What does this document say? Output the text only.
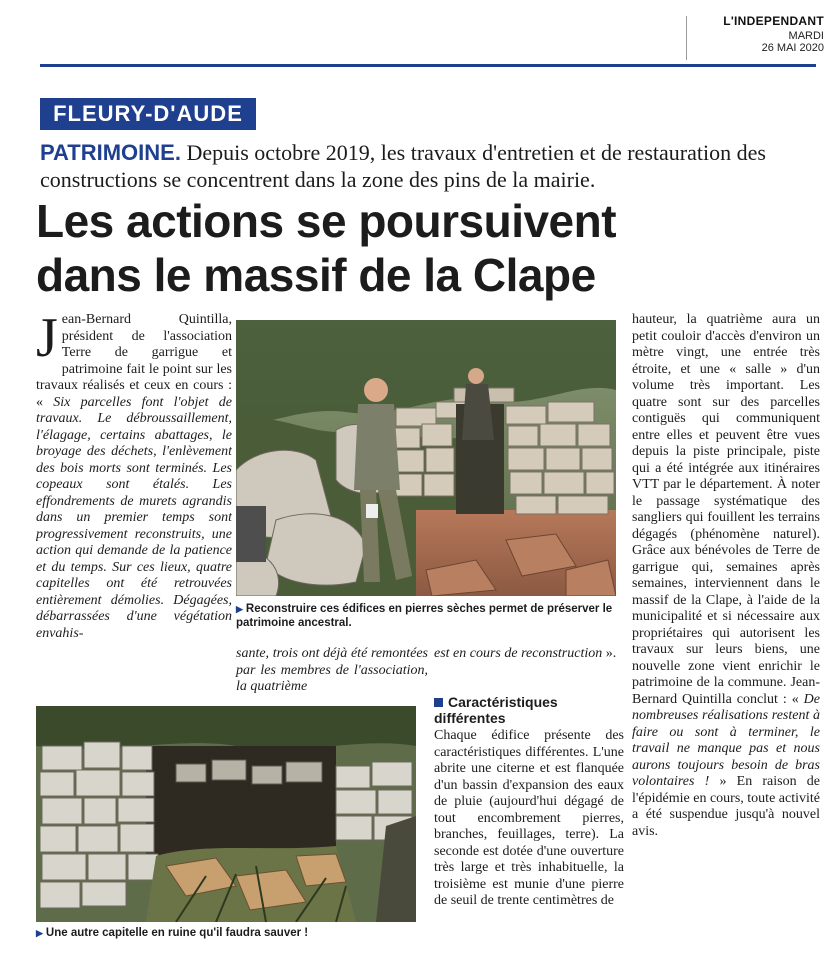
L'INDEPENDANT
MARDI
26 MAI 2020
FLEURY-D'AUDE
PATRIMOINE. Depuis octobre 2019, les travaux d'entretien et de restauration des constructions se concentrent dans la zone des pins de la mairie.
Les actions se poursuivent
dans le massif de la Clape
▶ Reconstruire ces édifices en pierres sèches permet de préserver le patrimoine ancestral.
▶ Une autre capitelle en ruine qu'il faudra sauver !

Jean-Bernard Quintilla, président de l'association Terre de garrigue et patrimoine fait le point sur les travaux réalisés et ceux en cours : « Six parcelles font l'objet de travaux. Le débroussaillement, l'élagage, certains abattages, le broyage des déchets, l'enlèvement des bois morts sont terminés. Les copeaux sont étalés. Les effondrements de murets agrandis dans un premier temps sont progressivement reconstruits, une action qui demande de la patience et du temps. Sur ces lieux, quatre capitelles ont été retrouvées entièrement démolies. Dégagées, débarrassées d'une végétation envahis-

sante, trois ont déjà été remontées par les membres de l'association, la quatrième

est en cours de reconstruction ».

Caractéristiques différentes

Chaque édifice présente des caractéristiques différentes. L'une abrite une citerne et est flanquée d'un bassin d'expansion des eaux de pluie (aujourd'hui dégagé de tout encombrement pierres, branches, feuillages, terre). La seconde est dotée d'une ouverture très large et très inhabituelle, la troisième est munie d'une pierre de seuil de trente centimètres de

hauteur, la quatrième aura un petit couloir d'accès d'environ un mètre vingt, une entrée très étroite, et une « salle » d'un volume très important. Les quatre sont sur des parcelles contiguës qui communiquent entre elles et peuvent être vues depuis la piste principale, piste qui a été intégrée aux itinéraires VTT par le département. À noter le passage systématique des sangliers qui fouillent les terrains dégagés (phénomène naturel). Grâce aux bénévoles de Terre de garrigue qui, semaines après semaines, interviennent dans le massif de la Clape, à l'aide de la municipalité et si nécessaire aux propriétaires qui autorisent les travaux sur leurs biens, une nouvelle zone vient enrichir le patrimoine de la commune. Jean-Bernard Quintilla conclut : « De nombreuses réalisations restent à faire ou sont à terminer, le travail ne manque pas et nous aurons toujours besoin de bras volontaires ! » En raison de l'épidémie en cours, toute activité a été suspendue jusqu'à nouvel avis.
